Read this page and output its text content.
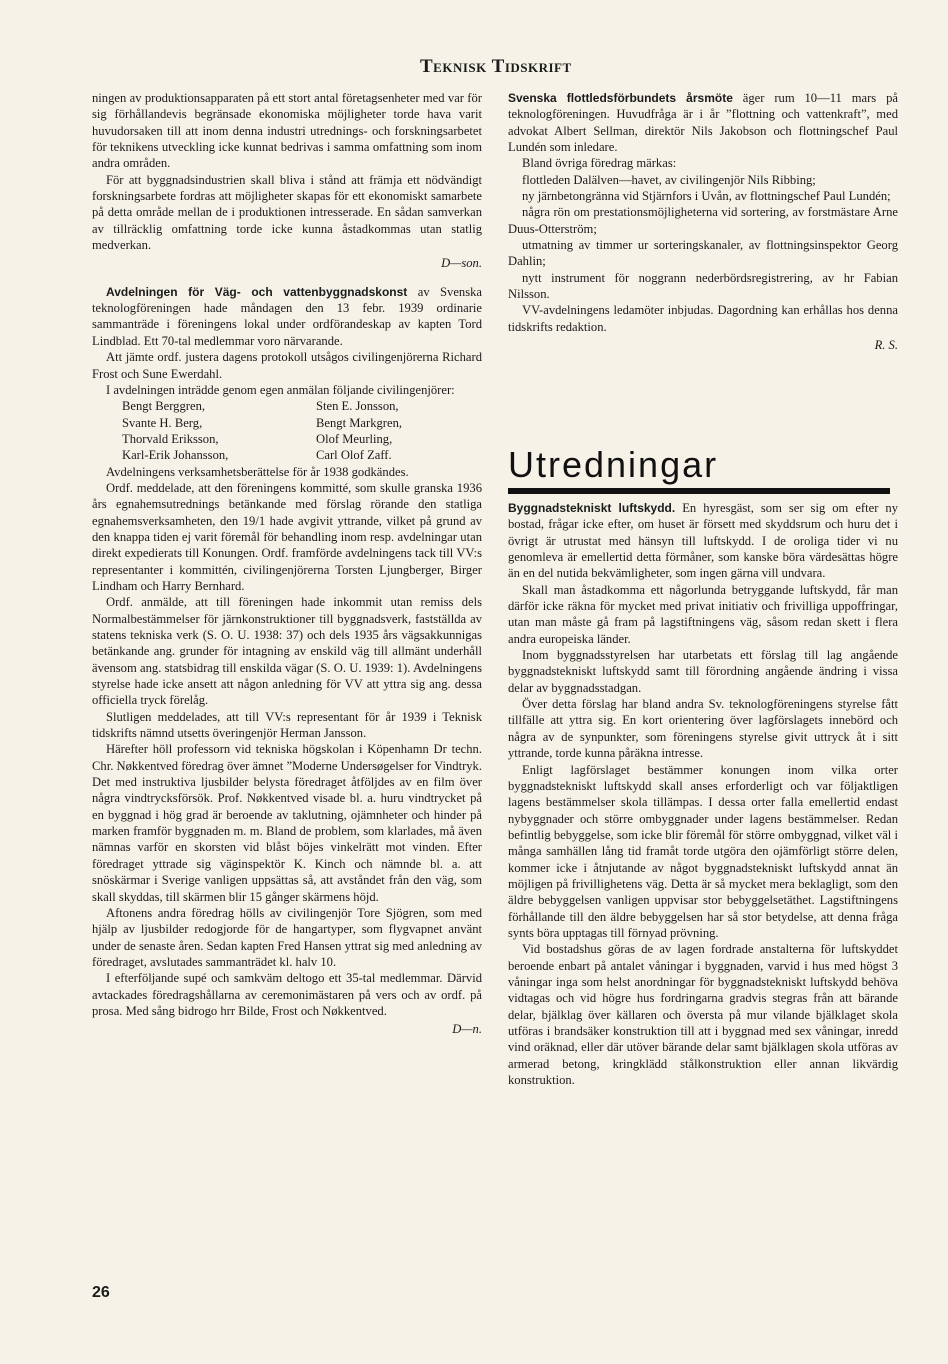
Teknisk Tidskrift

ningen av produktionsapparaten på ett stort antal företagsenheter med var för sig förhållandevis begränsade ekonomiska möjligheter torde hava varit huvudorsaken till att inom denna industri utrednings- och forskningsarbetet för teknikens utveckling icke kunnat bedrivas i samma omfattning som inom andra områden.

För att byggnadsindustrien skall bliva i stånd att främja ett nödvändigt forskningsarbete fordras att möjligheter skapas för ett ekonomiskt samarbete på detta område mellan de i produktionen intresserade. En sådan samverkan av tillräcklig omfattning torde icke kunna åstadkommas utan statlig medverkan.

D—son.

Avdelningen för Väg- och vattenbyggnadskonst av Svenska teknologföreningen hade måndagen den 13 febr. 1939 ordinarie sammanträde i föreningens lokal under ordförandeskap av kapten Tord Lindblad. Ett 70-tal medlemmar voro närvarande.

Att jämte ordf. justera dagens protokoll utsågos civilingenjörerna Richard Frost och Sune Ewerdahl.

I avdelningen inträdde genom egen anmälan följande civilingenjörer:

Bengt Berggren,	Sten E. Jonsson,
Svante H. Berg,	Bengt Markgren,
Thorvald Eriksson,	Olof Meurling,
Karl-Erik Johansson,	Carl Olof Zaff.

Avdelningens verksamhetsberättelse för år 1938 godkändes.

Ordf. meddelade, att den föreningens kommitté, som skulle granska 1936 års egnahemsutrednings betänkande med förslag rörande den statliga egnahemsverksamheten, den 19/1 hade avgivit yttrande, vilket på grund av den knappa tiden ej varit föremål för behandling inom resp. avdelningar utan direkt expedierats till Konungen. Ordf. framförde avdelningens tack till VV:s representanter i kommittén, civilingenjörerna Torsten Ljungberger, Birger Lindham och Harry Bernhard.

Ordf. anmälde, att till föreningen hade inkommit utan remiss dels Normalbestämmelser för järnkonstruktioner till byggnadsverk, fastställda av statens tekniska verk (S. O. U. 1938: 37) och dels 1935 års vägsakkunnigas betänkande ang. grunder för intagning av enskild väg till allmänt underhåll ävensom ang. statsbidrag till enskilda vägar (S. O. U. 1939: 1). Avdelningens styrelse hade icke ansett att någon anledning för VV att yttra sig ang. dessa officiella tryck förelåg.

Slutligen meddelades, att till VV:s representant för år 1939 i Teknisk tidskrifts nämnd utsetts överingenjör Herman Jansson.

Härefter höll professorn vid tekniska högskolan i Köpenhamn Dr techn. Chr. Nøkkentved föredrag över ämnet ”Moderne Undersøgelser for Vindtryk. Det med instruktiva ljusbilder belysta föredraget åtföljdes av en film över några vindtrycksförsök. Prof. Nøkkentved visade bl. a. huru vindtrycket på en byggnad i hög grad är beroende av taklutning, ojämnheter och hinder på marken framför byggnaden m. m. Bland de problem, som klarlades, må även nämnas varför en skorsten vid blåst böjes vinkelrätt mot vinden. Efter föredraget yttrade sig väginspektör K. Kinch och nämnde bl. a. att snöskärmar i Sverige vanligen uppsättas så, att avståndet från den väg, som skall skyddas, till skärmen blir 15 gånger skärmens höjd.

Aftonens andra föredrag hölls av civilingenjör Tore Sjögren, som med hjälp av ljusbilder redogjorde för de hangartyper, som flygvapnet använt under de senaste åren. Sedan kapten Fred Hansen yttrat sig med anledning av föredraget, avslutades sammanträdet kl. halv 10.

I efterföljande supé och samkväm deltogo ett 35-tal medlemmar. Därvid avtackades föredragshållarna av ceremonimästaren på vers och av ordf. på prosa. Med sång bidrogo hrr Bilde, Frost och Nøkkentved.

D—n.

Svenska flottledsförbundets årsmöte äger rum 10—11 mars på teknologföreningen. Huvudfråga är i år ”flottning och vattenkraft”, med advokat Albert Sellman, direktör Nils Jakobson och flottningschef Paul Lundén som inledare.

Bland övriga föredrag märkas:

flottleden Dalälven—havet, av civilingenjör Nils Ribbing;

ny järnbetongränna vid Stjärnfors i Uvån, av flottningschef Paul Lundén;

några rön om prestationsmöjligheterna vid sortering, av forstmästare Arne Duus-Otterström;

utmatning av timmer ur sorteringskanaler, av flottningsinspektor Georg Dahlin;

nytt instrument för noggrann nederbördsregistrering, av hr Fabian Nilsson.

VV-avdelningens ledamöter inbjudas. Dagordning kan erhållas hos denna tidskrifts redaktion.

R. S.

Utredningar

Byggnadstekniskt luftskydd. En hyresgäst, som ser sig om efter ny bostad, frågar icke efter, om huset är försett med skyddsrum och huru det i övrigt är utrustat med hänsyn till luftskydd. I de oroliga tider vi nu genomleva är emellertid detta förmåner, som kanske böra värdesättas högre än en del nutida bekvämligheter, som ingen gärna vill undvara.

Skall man åstadkomma ett någorlunda betryggande luftskydd, får man därför icke räkna för mycket med privat initiativ och frivilliga uppoffringar, utan man måste gå fram på lagstiftningens väg, såsom redan skett i flera andra europeiska länder.

Inom byggnadsstyrelsen har utarbetats ett förslag till lag angående byggnadstekniskt luftskydd samt till förordning angående ändring i vissa delar av byggnadsstadgan.

Över detta förslag har bland andra Sv. teknologföreningens styrelse fått tillfälle att yttra sig. En kort orientering över lagförslagets innebörd och några av de synpunkter, som föreningens styrelse givit uttryck åt i sitt yttrande, torde kunna påräkna intresse.

Enligt lagförslaget bestämmer konungen inom vilka orter byggnadstekniskt luftskydd skall anses erforderligt och var följaktligen lagens bestämmelser skola tillämpas. I dessa orter falla emellertid endast nybyggnader och större ombyggnader under lagens bestämmelser. Redan befintlig bebyggelse, som icke blir föremål för större ombyggnad, vilket väl i många samhällen lång tid framåt torde utgöra den ojämförligt större delen, kommer icke i åtnjutande av något byggnadstekniskt luftskydd annat än möjligen på frivillighetens väg. Detta är så mycket mera beklagligt, som den äldre bebyggelsen vanligen uppvisar stor bebyggelsetäthet. Lagstiftningens förhållande till den äldre bebyggelsen har så stor betydelse, att denna fråga synts böra upptagas till förnyad prövning.

Vid bostadshus göras de av lagen fordrade anstalterna för luftskyddet beroende enbart på antalet våningar i byggnaden, varvid i hus med högst 3 våningar inga som helst anordningar för byggnadstekniskt luftskydd behöva vidtagas och vid högre hus fordringarna gradvis stegras från att bärande delar, bjälklag över källaren och översta på mur vilande bjälklaget skola utföras i brandsäker konstruktion till att i byggnad med sex våningar, inredd vind oräknad, eller där utöver bärande delar samt bjälklagen skola utföras av armerad betong, kringklädd stålkonstruktion eller annan likvärdig konstruktion.

26
